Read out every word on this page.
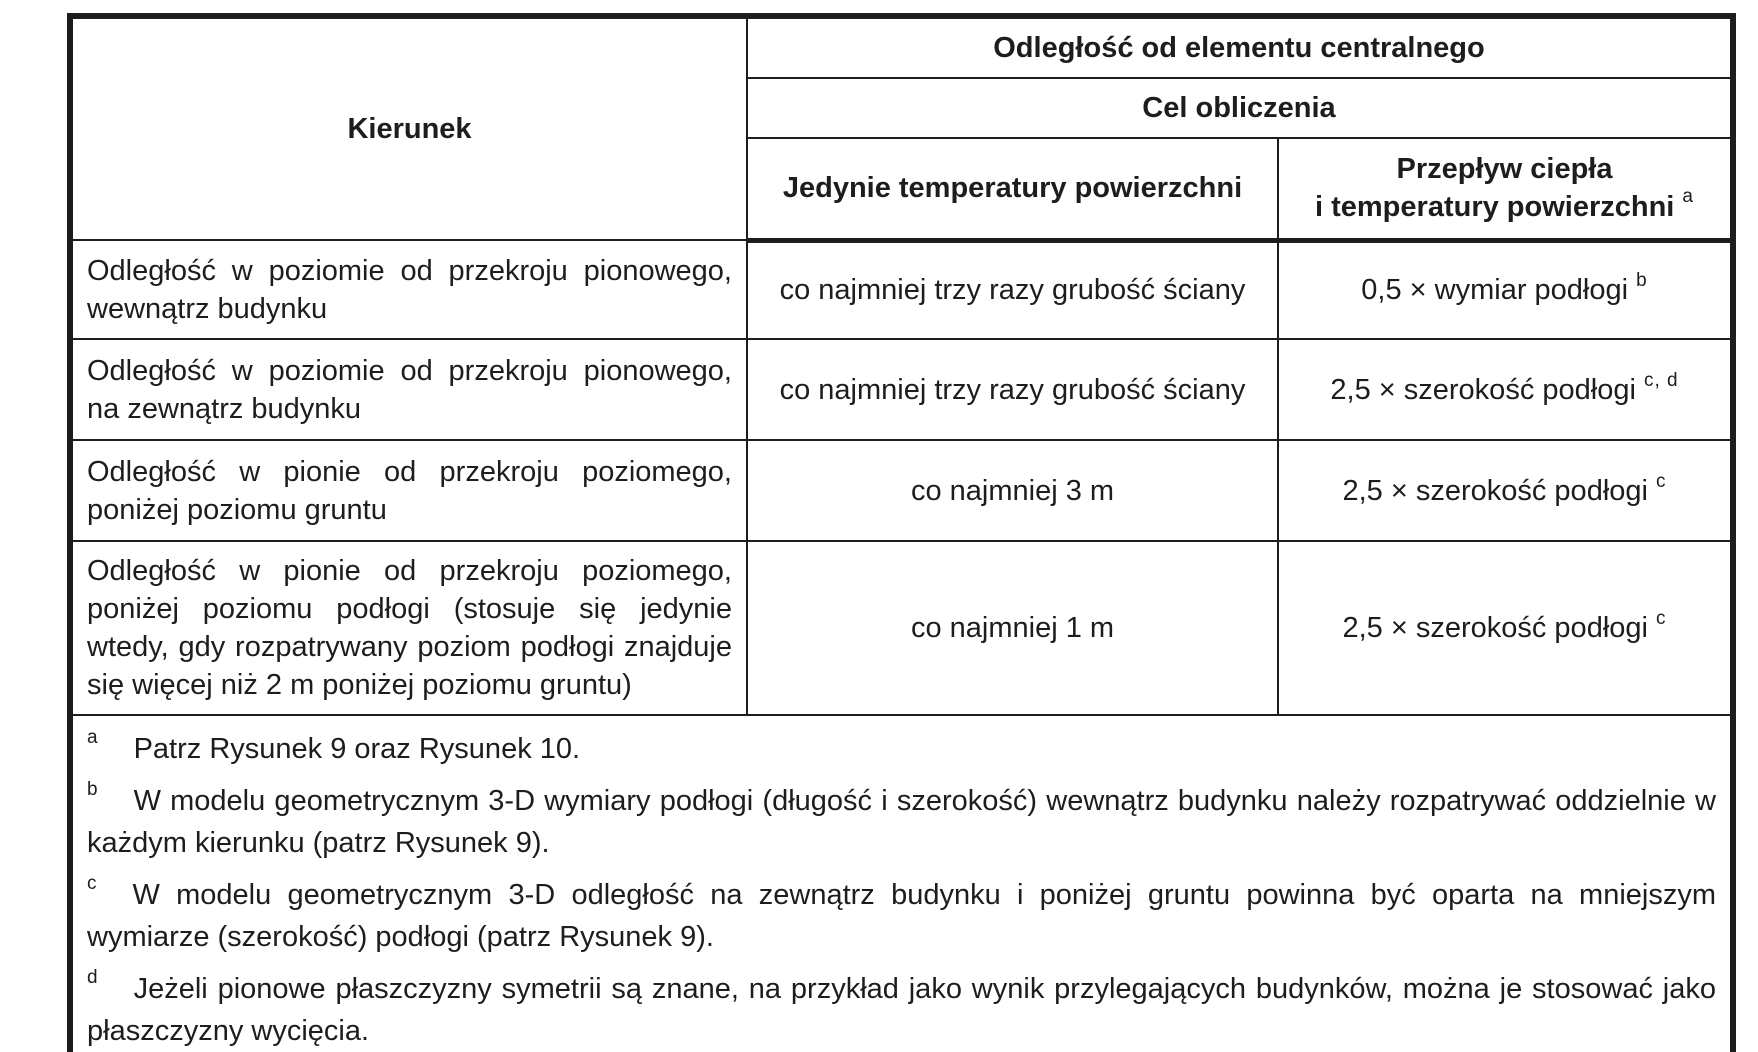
Kierunek	Odległość od elementu centralnego	
	Cel obliczenia	
	Jedynie temperatury powierzchni	Przepływ ciepła
i temperatury powierzchni $^a$
Odległość w poziomie od przekroju pionowego, wewnątrz budynku	co najmniej trzy razy grubość ściany	0,5 × wymiar podłogi $^b$
Odległość w poziomie od przekroju pionowego, na zewnątrz budynku	co najmniej trzy razy grubość ściany	2,5 × szerokość podłogi $^{c, d}$
Odległość w pionie od przekroju poziomego, poniżej poziomu gruntu	co najmniej 3 m	2,5 × szerokość podłogi $^c$
Odległość w pionie od przekroju poziomego, poniżej poziomu podłogi (stosuje się jedynie wtedy, gdy rozpatrywany poziom podłogi znajduje się więcej niż 2 m poniżej poziomu gruntu)	co najmniej 1 m	2,5 × szerokość podłogi $^c$

$^a$ Patrz Rysunek 9 oraz Rysunek 10.
$^b$ W modelu geometrycznym 3-D wymiary podłogi (długość i szerokość) wewnątrz budynku należy rozpatrywać oddzielnie w każdym kierunku (patrz Rysunek 9).
$^c$ W modelu geometrycznym 3-D odległość na zewnątrz budynku i poniżej gruntu powinna być oparta na mniejszym wymiarze (szerokość) podłogi (patrz Rysunek 9).
$^d$ Jeżeli pionowe płaszczyzny symetrii są znane, na przykład jako wynik przylegających budynków, można je stosować jako płaszczyzny wycięcia.		
